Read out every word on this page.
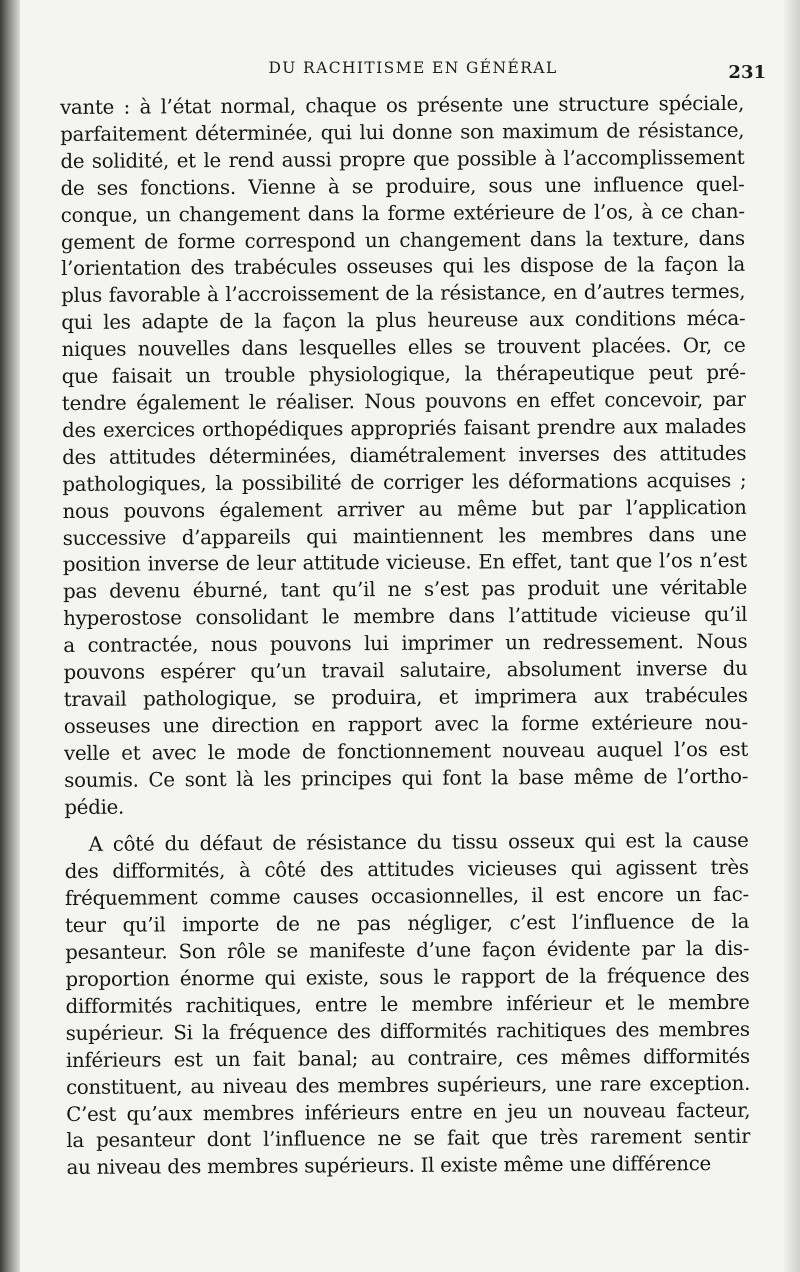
DU RACHITISME EN GÉNÉRAL	231
vante : à l’état normal, chaque os présente une structure spéciale,
parfaitement déterminée, qui lui donne son maximum de résistance,
de solidité, et le rend aussi propre que possible à l’accomplissement
de ses fonctions. Vienne à se produire, sous une influence quel-
conque, un changement dans la forme extérieure de l’os, à ce chan-
gement de forme correspond un changement dans la texture, dans
l’orientation des trabécules osseuses qui les dispose de la façon la
plus favorable à l’accroissement de la résistance, en d’autres termes,
qui les adapte de la façon la plus heureuse aux conditions méca-
niques nouvelles dans lesquelles elles se trouvent placées. Or, ce
que faisait un trouble physiologique, la thérapeutique peut pré-
tendre également le réaliser. Nous pouvons en effet concevoir, par
des exercices orthopédiques appropriés faisant prendre aux malades
des attitudes déterminées, diamétralement inverses des attitudes
pathologiques, la possibilité de corriger les déformations acquises ;
nous pouvons également arriver au même but par l’application
successive d’appareils qui maintiennent les membres dans une
position inverse de leur attitude vicieuse. En effet, tant que l’os n’est
pas devenu éburné, tant qu’il ne s’est pas produit une véritable
hyperostose consolidant le membre dans l’attitude vicieuse qu’il
a contractée, nous pouvons lui imprimer un redressement. Nous
pouvons espérer qu’un travail salutaire, absolument inverse du
travail pathologique, se produira, et imprimera aux trabécules
osseuses une direction en rapport avec la forme extérieure nou-
velle et avec le mode de fonctionnement nouveau auquel l’os est
soumis. Ce sont là les principes qui font la base même de l’ortho-
pédie.
A côté du défaut de résistance du tissu osseux qui est la cause
des difformités, à côté des attitudes vicieuses qui agissent très
fréquemment comme causes occasionnelles, il est encore un fac-
teur qu’il importe de ne pas négliger, c’est l’influence de la
pesanteur. Son rôle se manifeste d’une façon évidente par la dis-
proportion énorme qui existe, sous le rapport de la fréquence des
difformités rachitiques, entre le membre inférieur et le membre
supérieur. Si la fréquence des difformités rachitiques des membres
inférieurs est un fait banal; au contraire, ces mêmes difformités
constituent, au niveau des membres supérieurs, une rare exception.
C’est qu’aux membres inférieurs entre en jeu un nouveau facteur,
la pesanteur dont l’influence ne se fait que très rarement sentir
au niveau des membres supérieurs. Il existe même une différence
